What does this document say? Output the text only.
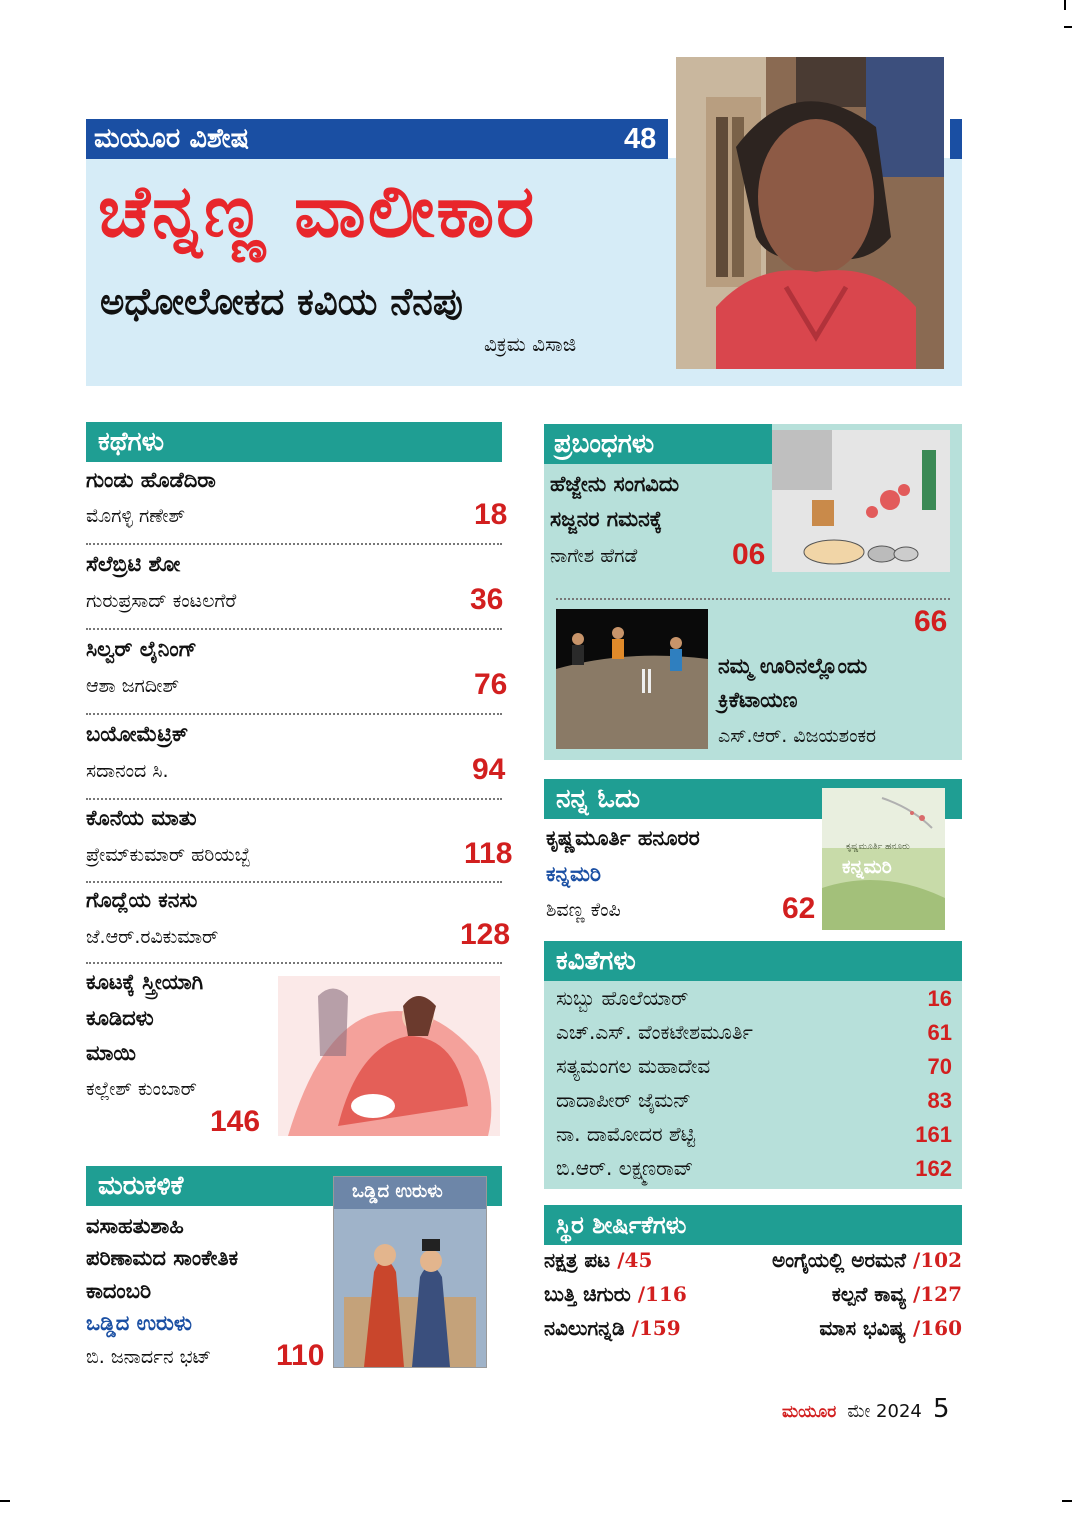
ಮಯೂರ ವಿಶೇಷ	48
ಚೆನ್ನಣ್ಣ ವಾಲೀಕಾರ
ಅಧೋಲೋಕದ ಕವಿಯ ನೆನಪು
ವಿಕ್ರಮ ವಿಸಾಜಿ
ಕಥೆಗಳು
ಗುಂಡು ಹೊಡೆದಿರಾ
ಮೊಗಳ್ಳಿ ಗಣೇಶ್	18
ಸೆಲೆಬ್ರಿಟಿ ಶೋ
ಗುರುಪ್ರಸಾದ್ ಕಂಟಲಗೆರೆ	36
ಸಿಲ್ವರ್ ಲೈನಿಂಗ್
ಆಶಾ ಜಗದೀಶ್	76
ಬಯೋಮೆಟ್ರಿಕ್
ಸದಾನಂದ ಸಿ.	94
ಕೊನೆಯ ಮಾತು
ಪ್ರೇಮ್‌ಕುಮಾರ್ ಹರಿಯಬ್ಬೆ	118
ಗೊದ್ಲೆಯ ಕನಸು
ಜೆ.ಆರ್.ರವಿಕುಮಾರ್	128
ಕೂಟಕ್ಕೆ ಸ್ತ್ರೀಯಾಗಿ
ಕೂಡಿದಳು
ಮಾಯಿ
ಕಲ್ಲೇಶ್ ಕುಂಬಾರ್
146
ಮರುಕಳಿಕೆ	ಒಡ್ಡಿದ ಉರುಳು
ವಸಾಹತುಶಾಹಿ
ಪರಿಣಾಮದ ಸಾಂಕೇತಿಕ
ಕಾದಂಬರಿ
ಒಡ್ಡಿದ ಉರುಳು
ಬಿ. ಜನಾರ್ದನ ಭಟ್ 110
ಪ್ರಬಂಧಗಳು
ಹೆಜ್ಜೇನು ಸಂಗವಿದು
ಸಜ್ಜನರ ಗಮನಕ್ಕೆ
ನಾಗೇಶ ಹೆಗಡೆ	06
66
ನಮ್ಮ ಊರಿನಲ್ಲೊಂದು
ಕ್ರಿಕೆಟಾಯಣ
ಎಸ್.ಆರ್. ವಿಜಯಶಂಕರ
ನನ್ನ ಓದು
ಕೃಷ್ಣಮೂರ್ತಿ ಹನೂರು
ಕನ್ನಮರಿ
ಕೃಷ್ಣಮೂರ್ತಿ ಹನೂರರ
ಕನ್ನಮರಿ
ಶಿವಣ್ಣ ಕೆಂಪಿ	62
ಕವಿತೆಗಳು
ಸುಬ್ಬು ಹೊಲೆಯಾರ್	16
ಎಚ್.ಎಸ್. ವೆಂಕಟೇಶಮೂರ್ತಿ	61
ಸತ್ಯಮಂಗಲ ಮಹಾದೇವ	70
ದಾದಾಪೀರ್ ಜೈಮನ್	83
ನಾ. ದಾಮೋದರ ಶೆಟ್ಟಿ	161
ಬಿ.ಆರ್. ಲಕ್ಷ್ಮಣರಾವ್	162
ಸ್ಥಿರ ಶೀರ್ಷಿಕೆಗಳು
ನಕ್ಷತ್ರ ಪಟ /45
ಬುತ್ತಿ ಚಿಗುರು /116
ನವಿಲುಗನ್ನಡಿ /159
ಅಂಗೈಯಲ್ಲಿ ಅರಮನೆ /102
ಕಲ್ಪನೆ ಕಾವ್ಯ /127
ಮಾಸ ಭವಿಷ್ಯ /160
ಮಯೂರ ಮೇ 2024 5
